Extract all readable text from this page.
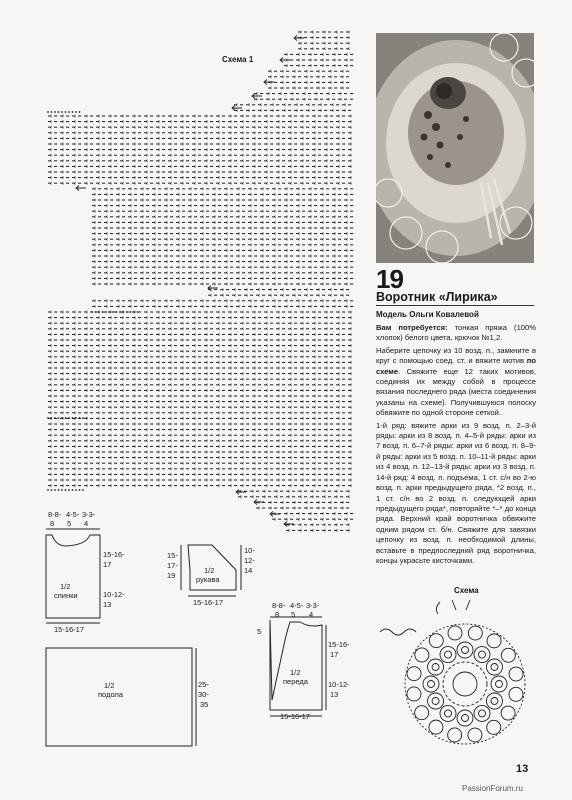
Схема 1
19
Воротник «Лирика»
Модель Ольги Ковалевой

Вам потребуется: тонкая пряжа (100% хлопок) белого цвета, крючок №1,2.

Наберите цепочку из 10 возд. п., замкните в круг с помощью соед. ст. и вяжите мотив по схеме. Свяжите еще 12 таких мотивов, соединяя их между собой в процессе вязания последнего ряда (места соединения указаны на схеме). Получившуюся полоску обвяжите по одной стороне сеткой.

1-й ряд: вяжите арки из 9 возд. п. 2–3-й ряды: арки из 8 возд. п. 4–5-й ряды: арки из 7 возд. п. 6–7-й ряды: арки из 6 возд. п. 8–9-й ряды: арки из 5 возд. п. 10–11-й ряды: арки из 4 возд. п. 12–13-й ряды: арки из 3 возд. п. 14-й ряд: 4 возд. п. подъема, 1 ст. с/н во 2-ю возд. п. арки предыдущего ряда, *2 возд. п., 1 ст. с/н во 2 возд. п. следующей арки предыдущего ряда*, повторяйте *–* до конца ряда. Верхний край воротничка обвяжите одним рядом ст. б/н. Свяжите для завязки цепочку из возд. п. необходимой длины, вставьте в предпоследний ряд воротничка, концы украсьте кисточками.

8-8- 4-5- 3-3-
8 5 4
15-16-
17
10-12-
13
15-16-17
1/2
спинки
15-
17-
19
10-
12-
14
15-16-17
1/2
рукава
1/2
подола
25-
30-
35
8-8- 4-5- 3-3-
8 5 4
5
15-16-
17
10-12-
13
15-16-17
1/2
переда
Схема
13
PassionForum.ru
